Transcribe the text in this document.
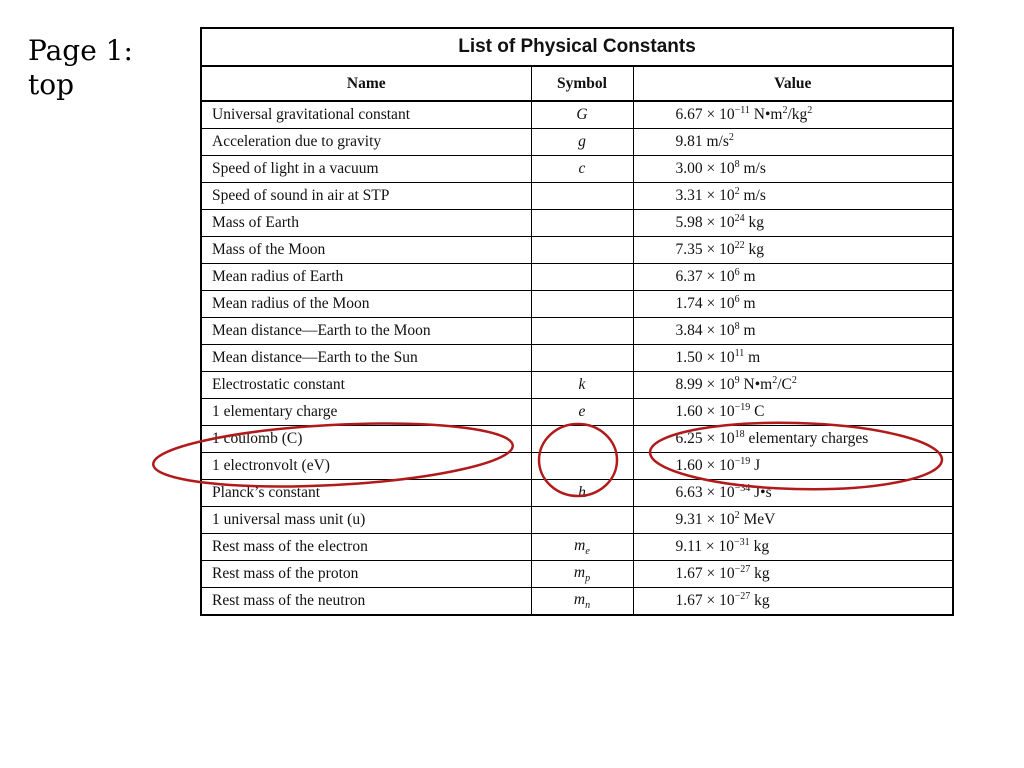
Page 1:
top
List of Physical Constants
Name	Symbol	Value
Universal gravitational constant	G	$6.67 \times 10^{-11}$ $N•m^2/kg^2$
Acceleration due to gravity	g	9.81 $m/s^2$
Speed of light in a vacuum	c	$3.00 \times 10^8$ m/s
Speed of sound in air at STP		$3.31 \times 10^2$ m/s
Mass of Earth		$5.98 \times 10^{24}$ kg
Mass of the Moon		$7.35 \times 10^{22}$ kg
Mean radius of Earth		$6.37 \times 10^6$ m
Mean radius of the Moon		$1.74 \times 10^6$ m
Mean distance—Earth to the Moon		$3.84 \times 10^8$ m
Mean distance—Earth to the Sun		$1.50 \times 10^{11}$ m
Electrostatic constant	k	$8.99 \times 10^9$ $N•m^2/C^2$
1 elementary charge	e	$1.60 \times 10^{-19}$ C
1 coulomb (C)		$6.25 \times 10^{18}$ elementary charges
1 electronvolt (eV)		$1.60 \times 10^{-19}$ J
Planck’s constant	h	$6.63 \times 10^{-34}$ J•s
1 universal mass unit (u)		$9.31 \times 10^2$ MeV
Rest mass of the electron	$m_e$	$9.11 \times 10^{-31}$ kg
Rest mass of the proton	$m_p$	$1.67 \times 10^{-27}$ kg
Rest mass of the neutron	$m_n$	$1.67 \times 10^{-27}$ kg
